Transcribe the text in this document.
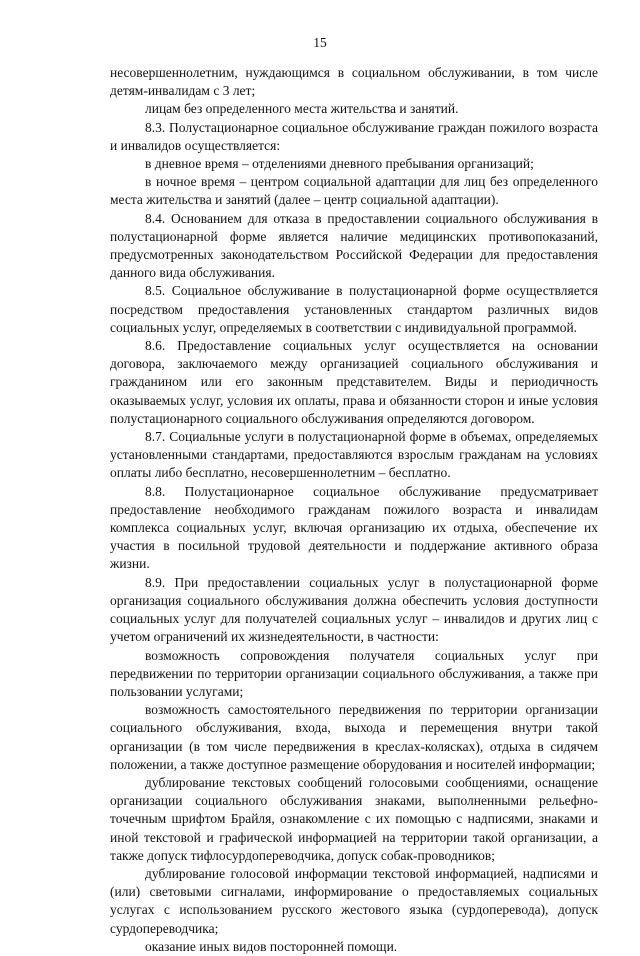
15

несовершеннолетним, нуждающимся в социальном обслуживании, в том числе детям-инвалидам с 3 лет;

лицам без определенного места жительства и занятий.

8.3. Полустационарное социальное обслуживание граждан пожилого возраста и инвалидов осуществляется:

в дневное время – отделениями дневного пребывания организаций;

в ночное время – центром социальной адаптации для лиц без определенного места жительства и занятий (далее – центр социальной адаптации).

8.4. Основанием для отказа в предоставлении социального обслуживания в полустационарной форме является наличие медицинских противопоказаний, предусмотренных законодательством Российской Федерации для предоставления данного вида обслуживания.

8.5. Социальное обслуживание в полустационарной форме осуществляется посредством предоставления установленных стандартом различных видов социальных услуг, определяемых в соответствии с индивидуальной программой.

8.6. Предоставление социальных услуг осуществляется на основании договора, заключаемого между организацией социального обслуживания и гражданином или его законным представителем. Виды и периодичность оказываемых услуг, условия их оплаты, права и обязанности сторон и иные условия полустационарного социального обслуживания определяются договором.

8.7. Социальные услуги в полустационарной форме в объемах, определяемых установленными стандартами, предоставляются взрослым гражданам на условиях оплаты либо бесплатно, несовершеннолетним – бесплатно.

8.8. Полустационарное социальное обслуживание предусматривает предоставление необходимого гражданам пожилого возраста и инвалидам комплекса социальных услуг, включая организацию их отдыха, обеспечение их участия в посильной трудовой деятельности и поддержание активного образа жизни.

8.9. При предоставлении социальных услуг в полустационарной форме организация социального обслуживания должна обеспечить условия доступности социальных услуг для получателей социальных услуг – инвалидов и других лиц с учетом ограничений их жизнедеятельности, в частности:

возможность сопровождения получателя социальных услуг при передвижении по территории организации социального обслуживания, а также при пользовании услугами;

возможность самостоятельного передвижения по территории организации социального обслуживания, входа, выхода и перемещения внутри такой организации (в том числе передвижения в креслах-колясках), отдыха в сидячем положении, а также доступное размещение оборудования и носителей информации;

дублирование текстовых сообщений голосовыми сообщениями, оснащение организации социального обслуживания знаками, выполненными рельефно-точечным шрифтом Брайля, ознакомление с их помощью с надписями, знаками и иной текстовой и графической информацией на территории такой организации, а также допуск тифлосурдопереводчика, допуск собак-проводников;

дублирование голосовой информации текстовой информацией, надписями и (или) световыми сигналами, информирование о предоставляемых социальных услугах с использованием русского жестового языка (сурдоперевода), допуск сурдопереводчика;

оказание иных видов посторонней помощи.
